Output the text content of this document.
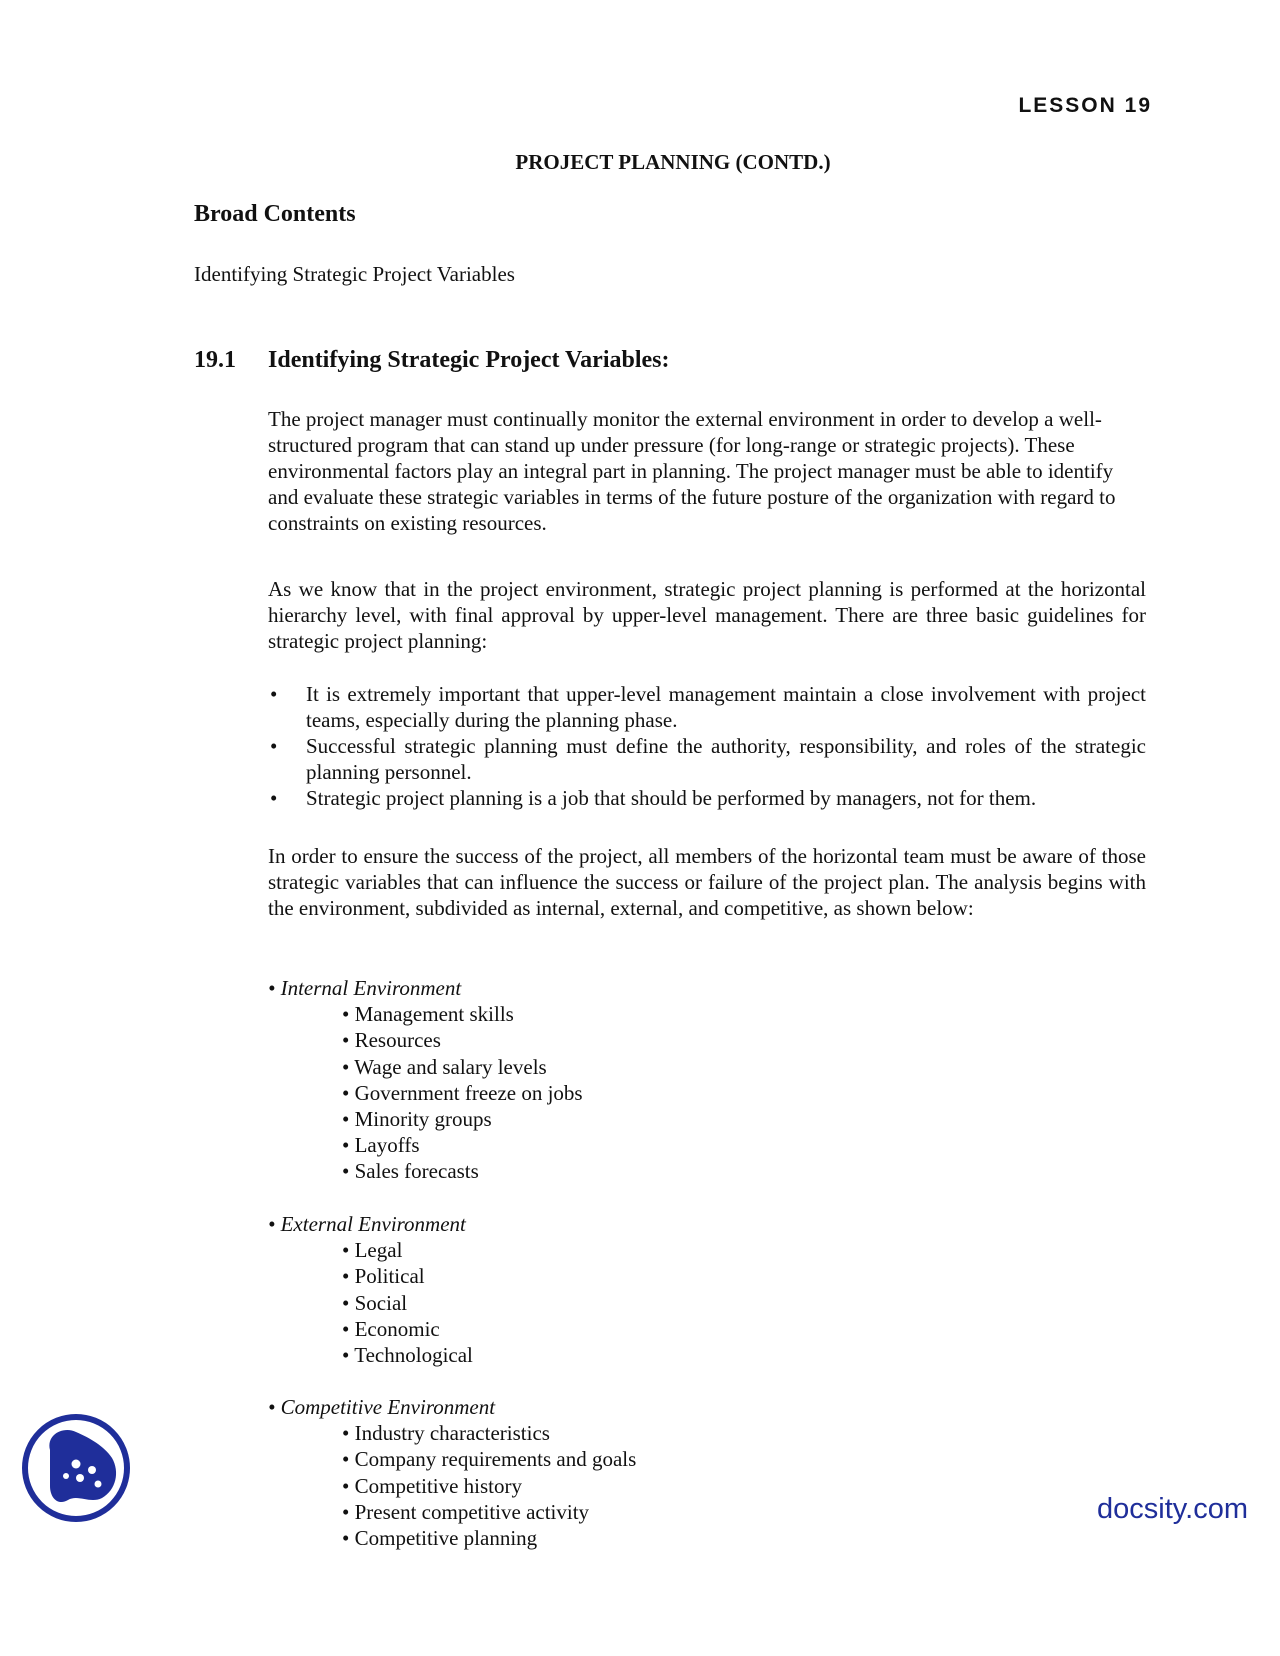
LESSON 19
PROJECT PLANNING (CONTD.)
Broad Contents
Identifying Strategic Project Variables
19.1 Identifying Strategic Project Variables:
The project manager must continually monitor the external environment in order to develop a well-structured program that can stand up under pressure (for long-range or strategic projects). These environmental factors play an integral part in planning. The project manager must be able to identify and evaluate these strategic variables in terms of the future posture of the organization with regard to constraints on existing resources.
As we know that in the project environment, strategic project planning is performed at the horizontal hierarchy level, with final approval by upper-level management. There are three basic guidelines for strategic project planning:
• It is extremely important that upper-level management maintain a close involvement with project teams, especially during the planning phase.
• Successful strategic planning must define the authority, responsibility, and roles of the strategic planning personnel.
• Strategic project planning is a job that should be performed by managers, not for them.
In order to ensure the success of the project, all members of the horizontal team must be aware of those strategic variables that can influence the success or failure of the project plan. The analysis begins with the environment, subdivided as internal, external, and competitive, as shown below:
• Internal Environment
• Management skills
• Resources
• Wage and salary levels
• Government freeze on jobs
• Minority groups
• Layoffs
• Sales forecasts
• External Environment
• Legal
• Political
• Social
• Economic
• Technological
• Competitive Environment
• Industry characteristics
• Company requirements and goals
• Competitive history
• Present competitive activity
• Competitive planning
docsity.com
